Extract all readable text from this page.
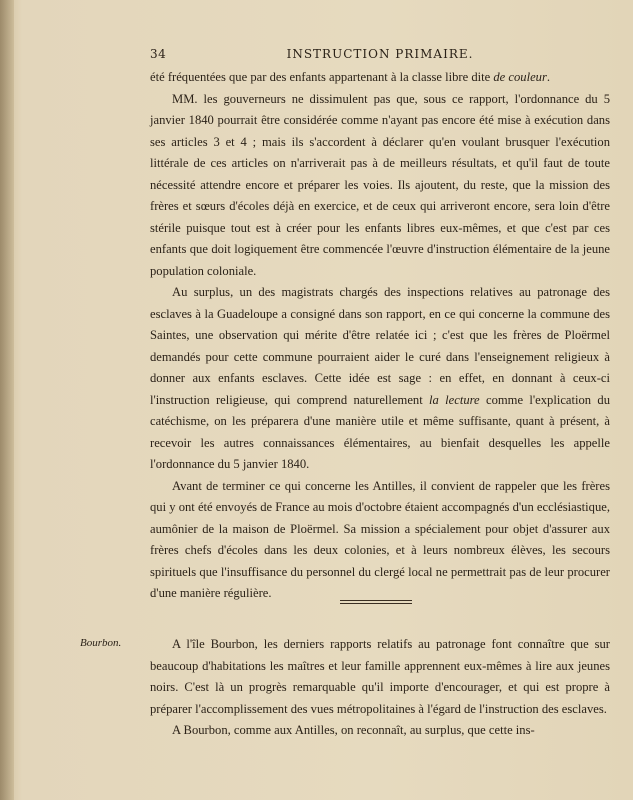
34	INSTRUCTION PRIMAIRE.

été fréquentées que par des enfants appartenant à la classe libre dite de couleur.

MM. les gouverneurs ne dissimulent pas que, sous ce rapport, l'ordonnance du 5 janvier 1840 pourrait être considérée comme n'ayant pas encore été mise à exécution dans ses articles 3 et 4 ; mais ils s'accordent à déclarer qu'en voulant brusquer l'exécution littérale de ces articles on n'arriverait pas à de meilleurs résultats, et qu'il faut de toute nécessité attendre encore et préparer les voies. Ils ajoutent, du reste, que la mission des frères et sœurs d'écoles déjà en exercice, et de ceux qui arriveront encore, sera loin d'être stérile puisque tout est à créer pour les enfants libres eux-mêmes, et que c'est par ces enfants que doit logiquement être commencée l'œuvre d'instruction élémentaire de la jeune population coloniale.

Au surplus, un des magistrats chargés des inspections relatives au patronage des esclaves à la Guadeloupe a consigné dans son rapport, en ce qui concerne la commune des Saintes, une observation qui mérite d'être relatée ici ; c'est que les frères de Ploërmel demandés pour cette commune pourraient aider le curé dans l'enseignement religieux à donner aux enfants esclaves. Cette idée est sage : en effet, en donnant à ceux-ci l'instruction religieuse, qui comprend naturellement la lecture comme l'explication du catéchisme, on les préparera d'une manière utile et même suffisante, quant à présent, à recevoir les autres connaissances élémentaires, au bienfait desquelles les appelle l'ordonnance du 5 janvier 1840.

Avant de terminer ce qui concerne les Antilles, il convient de rappeler que les frères qui y ont été envoyés de France au mois d'octobre étaient accompagnés d'un ecclésiastique, aumônier de la maison de Ploërmel. Sa mission a spécialement pour objet d'assurer aux frères chefs d'écoles dans les deux colonies, et à leurs nombreux élèves, les secours spirituels que l'insuffisance du personnel du clergé local ne permettrait pas de leur procurer d'une manière régulière.

Bourbon.	A l'île Bourbon, les derniers rapports relatifs au patronage font connaître que sur beaucoup d'habitations les maîtres et leur famille apprennent eux-mêmes à lire aux jeunes noirs. C'est là un progrès remarquable qu'il importe d'encourager, et qui est propre à préparer l'accomplissement des vues métropolitaines à l'égard de l'instruction des esclaves.

A Bourbon, comme aux Antilles, on reconnaît, au surplus, que cette ins-
